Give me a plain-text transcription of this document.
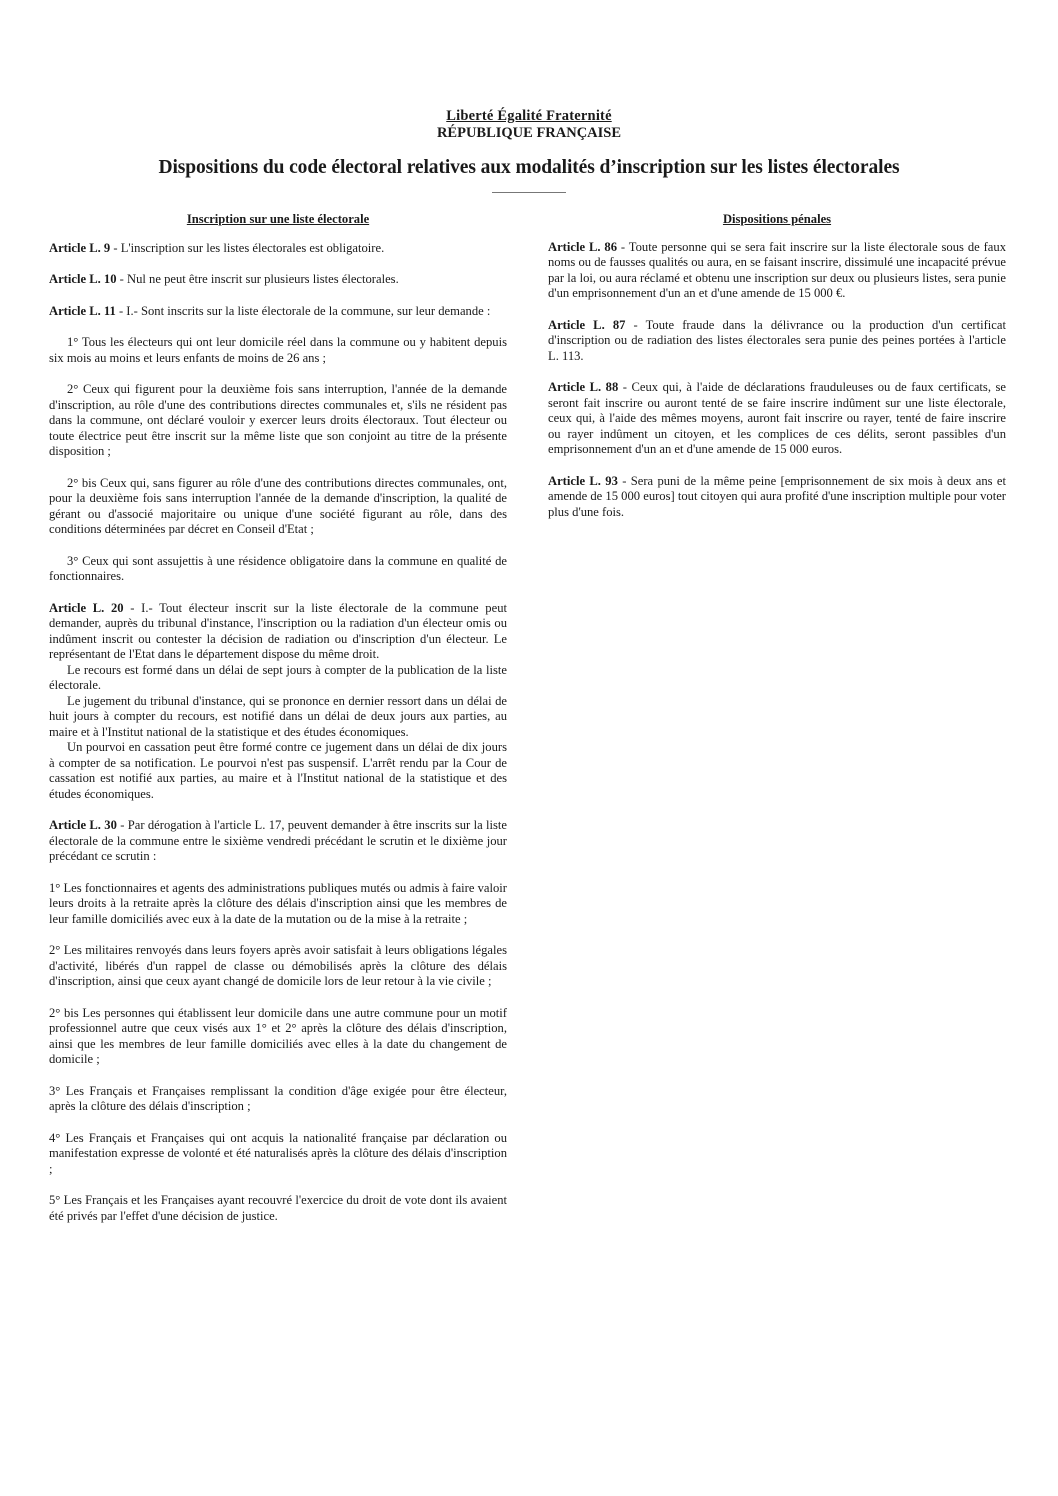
Liberté Égalité Fraternité
RÉPUBLIQUE FRANÇAISE
Dispositions du code électoral relatives aux modalités d’inscription sur les listes électorales
Inscription sur une liste électorale

Article L. 9 - L'inscription sur les listes électorales est obligatoire.

Article L. 10 - Nul ne peut être inscrit sur plusieurs listes électorales.

Article L. 11 - I.- Sont inscrits sur la liste électorale de la commune, sur leur demande :

1° Tous les électeurs qui ont leur domicile réel dans la commune ou y habitent depuis six mois au moins et leurs enfants de moins de 26 ans ;

2° Ceux qui figurent pour la deuxième fois sans interruption, l'année de la demande d'inscription, au rôle d'une des contributions directes communales et, s'ils ne résident pas dans la commune, ont déclaré vouloir y exercer leurs droits électoraux. Tout électeur ou toute électrice peut être inscrit sur la même liste que son conjoint au titre de la présente disposition ;

2° bis Ceux qui, sans figurer au rôle d'une des contributions directes communales, ont, pour la deuxième fois sans interruption l'année de la demande d'inscription, la qualité de gérant ou d'associé majoritaire ou unique d'une société figurant au rôle, dans des conditions déterminées par décret en Conseil d'Etat ;

3° Ceux qui sont assujettis à une résidence obligatoire dans la commune en qualité de fonctionnaires.

Article L. 20 - I.- Tout électeur inscrit sur la liste électorale de la commune peut demander, auprès du tribunal d'instance, l'inscription ou la radiation d'un électeur omis ou indûment inscrit ou contester la décision de radiation ou d'inscription d'un électeur. Le représentant de l'Etat dans le département dispose du même droit.

Le recours est formé dans un délai de sept jours à compter de la publication de la liste électorale.

Le jugement du tribunal d'instance, qui se prononce en dernier ressort dans un délai de huit jours à compter du recours, est notifié dans un délai de deux jours aux parties, au maire et à l'Institut national de la statistique et des études économiques.

Un pourvoi en cassation peut être formé contre ce jugement dans un délai de dix jours à compter de sa notification. Le pourvoi n'est pas suspensif. L'arrêt rendu par la Cour de cassation est notifié aux parties, au maire et à l'Institut national de la statistique et des études économiques.

Article L. 30 - Par dérogation à l'article L. 17, peuvent demander à être inscrits sur la liste électorale de la commune entre le sixième vendredi précédant le scrutin et le dixième jour précédant ce scrutin :

1° Les fonctionnaires et agents des administrations publiques mutés ou admis à faire valoir leurs droits à la retraite après la clôture des délais d'inscription ainsi que les membres de leur famille domiciliés avec eux à la date de la mutation ou de la mise à la retraite ;

2° Les militaires renvoyés dans leurs foyers après avoir satisfait à leurs obligations légales d'activité, libérés d'un rappel de classe ou démobilisés après la clôture des délais d'inscription, ainsi que ceux ayant changé de domicile lors de leur retour à la vie civile ;

2° bis Les personnes qui établissent leur domicile dans une autre commune pour un motif professionnel autre que ceux visés aux 1° et 2° après la clôture des délais d'inscription, ainsi que les membres de leur famille domiciliés avec elles à la date du changement de domicile ;

3° Les Français et Françaises remplissant la condition d'âge exigée pour être électeur, après la clôture des délais d'inscription ;

4° Les Français et Françaises qui ont acquis la nationalité française par déclaration ou manifestation expresse de volonté et été naturalisés après la clôture des délais d'inscription ;

5° Les Français et les Françaises ayant recouvré l'exercice du droit de vote dont ils avaient été privés par l'effet d'une décision de justice.

Dispositions pénales

Article L. 86 - Toute personne qui se sera fait inscrire sur la liste électorale sous de faux noms ou de fausses qualités ou aura, en se faisant inscrire, dissimulé une incapacité prévue par la loi, ou aura réclamé et obtenu une inscription sur deux ou plusieurs listes, sera punie d'un emprisonnement d'un an et d'une amende de 15 000 €.

Article L. 87 - Toute fraude dans la délivrance ou la production d'un certificat d'inscription ou de radiation des listes électorales sera punie des peines portées à l'article L. 113.

Article L. 88 - Ceux qui, à l'aide de déclarations frauduleuses ou de faux certificats, se seront fait inscrire ou auront tenté de se faire inscrire indûment sur une liste électorale, ceux qui, à l'aide des mêmes moyens, auront fait inscrire ou rayer, tenté de faire inscrire ou rayer indûment un citoyen, et les complices de ces délits, seront passibles d'un emprisonnement d'un an et d'une amende de 15 000 euros.

Article L. 93 - Sera puni de la même peine [emprisonnement de six mois à deux ans et amende de 15 000 euros] tout citoyen qui aura profité d'une inscription multiple pour voter plus d'une fois.
